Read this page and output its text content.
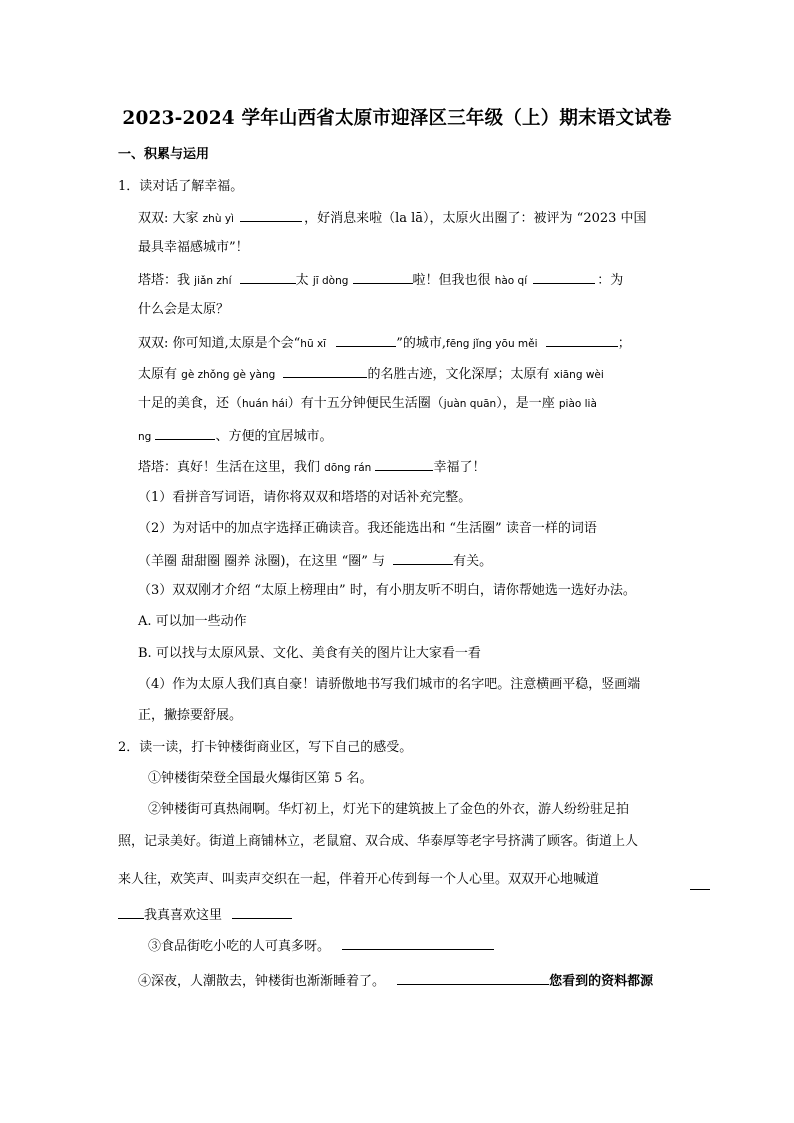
2023-2024 学年山西省太原市迎泽区三年级（上）期末语文试卷
一、积累与运用
1．读对话了解幸福。
双双: 大家 zhù yì	，好消息来啦（la lā），太原火出圈了：被评为 “2023 中国
最具幸福感城市”！
塔塔：我 jiǎn zhí	太 jī dòng	啦！但我也很 hào qí	：为
什么会是太原？
双双: 你可知道,太原是个会“hū xī	”的城市,fēng jǐng yōu měi	；
太原有 gè zhǒng gè yàng	的名胜古迹，文化深厚；太原有 xiāng wèi
十足的美食，还（huán hái）有十五分钟便民生活圈（juàn quān），是一座 piào lià
ng	、方便的宜居城市。
塔塔：真好！生活在这里，我们 dōng rán	幸福了！
（1）看拼音写词语，请你将双双和塔塔的对话补充完整。
（2）为对话中的加点字选择正确读音。我还能选出和 “生活圈” 读音一样的词语
（羊圈 甜甜圈 圈养 泳圈)，在这里 “圈” 与	有关。
（3）双双刚才介绍 “太原上榜理由” 时，有小朋友听不明白，请你帮她选一选好办法。
A. 可以加一些动作
B. 可以找与太原风景、文化、美食有关的图片让大家看一看
（4）作为太原人我们真自豪！请骄傲地书写我们城市的名字吧。注意横画平稳，竖画端
正，撇捺要舒展。
2．读一读，打卡钟楼街商业区，写下自己的感受。
①钟楼街荣登全国最火爆街区第 5 名。
②钟楼街可真热闹啊。华灯初上，灯光下的建筑披上了金色的外衣，游人纷纷驻足拍
照，记录美好。街道上商铺林立，老鼠窟、双合成、华泰厚等老字号挤满了顾客。街道上人
来人往，欢笑声、叫卖声交织在一起，伴着开心传到每一个人心里。双双开心地喊道
我真喜欢这里
③食品街吃小吃的人可真多呀。
④深夜，人潮散去，钟楼街也渐渐睡着了。	您看到的资料都源
